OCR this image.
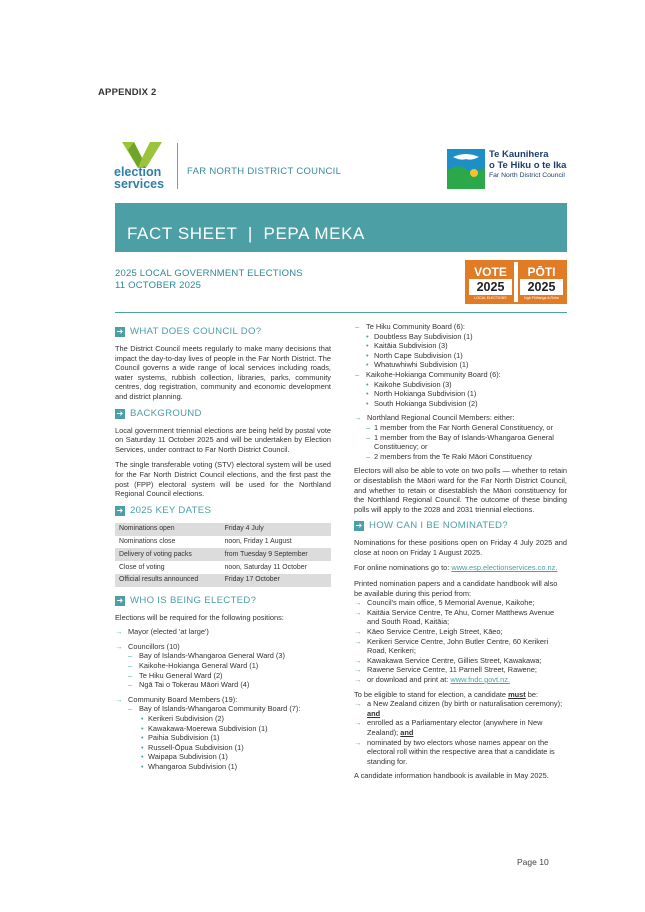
APPENDIX 2
election
services
FAR NORTH DISTRICT COUNCIL
Te Kaunihera
o Te Hiku o te Ika
Far North District Council
FACT SHEET  |  PEPA MEKA
2025 LOCAL GOVERNMENT ELECTIONS
11 OCTOBER 2025
VOTE
2025
LOCAL ELECTIONS
PŌTI
2025
Ngā Pōtitanga ā-Rohe
➔ WHAT DOES COUNCIL DO?
The District Council meets regularly to make many decisions that impact the day-to-day lives of people in the Far North District. The Council governs a wide range of local services including roads, water systems, rubbish collection, libraries, parks, community centres, dog registration, community and economic development and district planning.
➔ BACKGROUND
Local government triennial elections are being held by postal vote on Saturday 11 October 2025 and will be undertaken by Election Services, under contract to Far North District Council.
The single transferable voting (STV) electoral system will be used for the Far North District Council elections, and the first past the post (FPP) electoral system will be used for the Northland Regional Council elections.
➔ 2025 KEY DATES
Nominations open	Friday 4 July
Nominations close	noon, Friday 1 August
Delivery of voting packs	from Tuesday 9 September
Close of voting	noon, Saturday 11 October
Official results announced	Friday 17 October
➔ WHO IS BEING ELECTED?
Elections will be required for the following positions:
→ Mayor (elected 'at large')
→ Councillors (10)
– Bay of Islands-Whangaroa General Ward (3)
– Kaikohe-Hokianga General Ward (1)
– Te Hiku General Ward (2)
– Ngā Tai o Tokerau Māori Ward (4)
→ Community Board Members (19):
– Bay of Islands-Whangaroa Community Board (7):
• Kerikeri Subdivision (2)
• Kawakawa-Moerewa Subdivision (1)
• Paihia Subdivision (1)
• Russell-Ōpua Subdivision (1)
• Waipapa Subdivision (1)
• Whangaroa Subdivision (1)
– Te Hiku Community Board (6):
• Doubtless Bay Subdivision (1)
• Kaitāia Subdivision (3)
• North Cape Subdivision (1)
• Whatuwhiwhi Subdivision (1)
– Kaikohe-Hokianga Community Board (6):
• Kaikohe Subdivision (3)
• North Hokianga Subdivision (1)
• South Hokianga Subdivision (2)
→ Northland Regional Council Members: either:
– 1 member from the Far North General Constituency, or
– 1 member from the Bay of Islands-Whangaroa General Constituency; or
– 2 members from the Te Raki Māori Constituency
Electors will also be able to vote on two polls — whether to retain or disestablish the Māori ward for the Far North District Council, and whether to retain or disestablish the Māori constituency for the Northland Regional Council. The outcome of these binding polls will apply to the 2028 and 2031 triennial elections.
➔ HOW CAN I BE NOMINATED?
Nominations for these positions open on Friday 4 July 2025 and close at noon on Friday 1 August 2025.
For online nominations go to: www.esp.electionservices.co.nz.
Printed nomination papers and a candidate handbook will also be available during this period from:
→ Council's main office, 5 Memorial Avenue, Kaikohe;
→ Kaitāia Service Centre, Te Ahu, Corner Matthews Avenue and South Road, Kaitāia;
→ Kāeo Service Centre, Leigh Street, Kāeo;
→ Kerikeri Service Centre, John Butler Centre, 60 Kerikeri Road, Kerikeri;
→ Kawakawa Service Centre, Gillies Street, Kawakawa;
→ Rawene Service Centre, 11 Parnell Street, Rawene;
→ or download and print at: www.fndc.govt.nz.
To be eligible to stand for election, a candidate must be:
→ a New Zealand citizen (by birth or naturalisation ceremony); and
→ enrolled as a Parliamentary elector (anywhere in New Zealand); and
→ nominated by two electors whose names appear on the electoral roll within the respective area that a candidate is standing for.
A candidate information handbook is available in May 2025.
Page 10
